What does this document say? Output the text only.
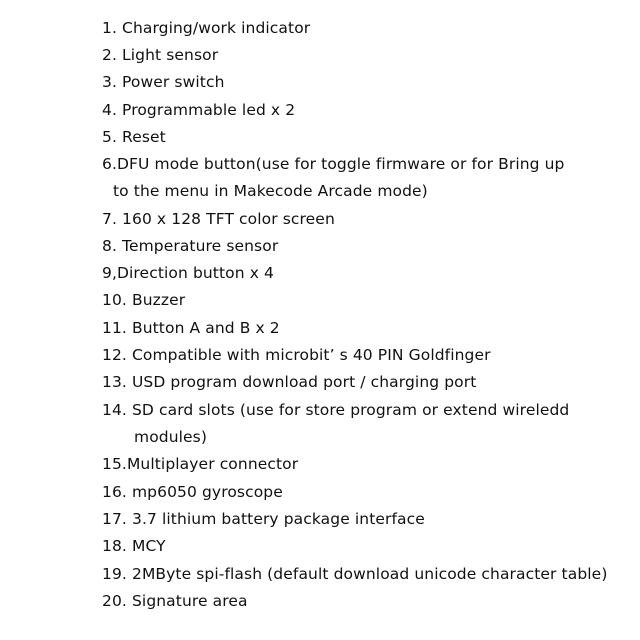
1. Charging/work indicator
2. Light sensor
3. Power switch
4. Programmable led x 2
5. Reset
6.DFU mode button(use for toggle firmware or for Bring up
to the menu in Makecode Arcade mode)
7. 160 x 128 TFT color screen
8. Temperature sensor
9,Direction button x 4
10. Buzzer
11. Button A and B x 2
12. Compatible with microbit’ s 40 PIN Goldfinger
13. USD program download port / charging port
14. SD card slots (use for store program or extend wireledd
modules)
15.Multiplayer connector
16. mp6050 gyroscope
17. 3.7 lithium battery package interface
18. MCY
19. 2MByte spi-flash (default download unicode character table)
20. Signature area
